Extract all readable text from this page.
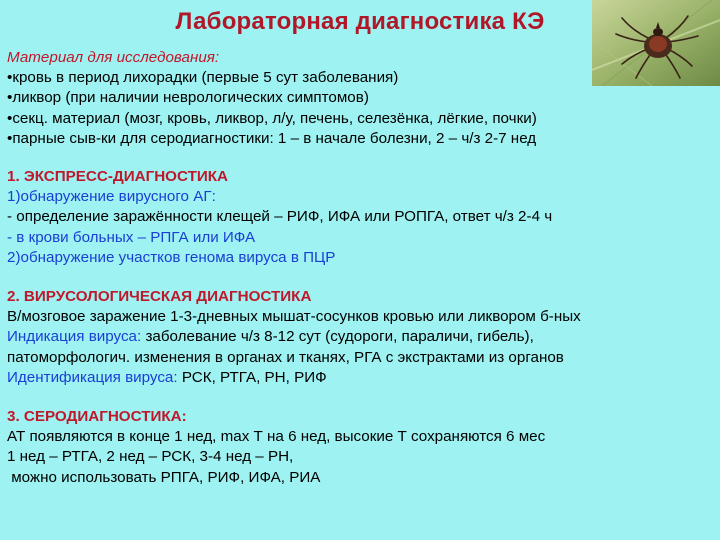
Лабораторная диагностика КЭ

Материал для исследования:

•кровь в период лихорадки (первые 5 сут заболевания)

•ликвор (при наличии неврологических симптомов)

•секц. материал (мозг, кровь, ликвор, л/у, печень, селезёнка, лёгкие, почки)

•парные сыв-ки для серодиагностики: 1 – в начале болезни, 2 – ч/з 2-7 нед

1. ЭКСПРЕСС-ДИАГНОСТИКА

1)обнаружение вирусного АГ:

- определение заражённости клещей – РИФ, ИФА или РОПГА, ответ ч/з 2-4 ч

- в крови больных – РПГА или ИФА

2)обнаружение участков генома вируса в ПЦР

2. ВИРУСОЛОГИЧЕСКАЯ ДИАГНОСТИКА

В/мозговое заражение 1-3-дневных мышат-сосунков кровью или ликвором б-ных

Индикация вируса: заболевание ч/з 8-12 сут (судороги, параличи, гибель),

патоморфологич. изменения в органах и тканях, РГА с экстрактами из органов

Идентификация вируса: РСК, РТГА, РН, РИФ

3. СЕРОДИАГНОСТИКА:

АТ появляются в конце 1 нед, max Т на 6 нед, высокие Т сохраняются 6 мес

1 нед – РТГА, 2 нед – РСК, 3-4 нед – РН,

можно использовать РПГА, РИФ, ИФА, РИА
